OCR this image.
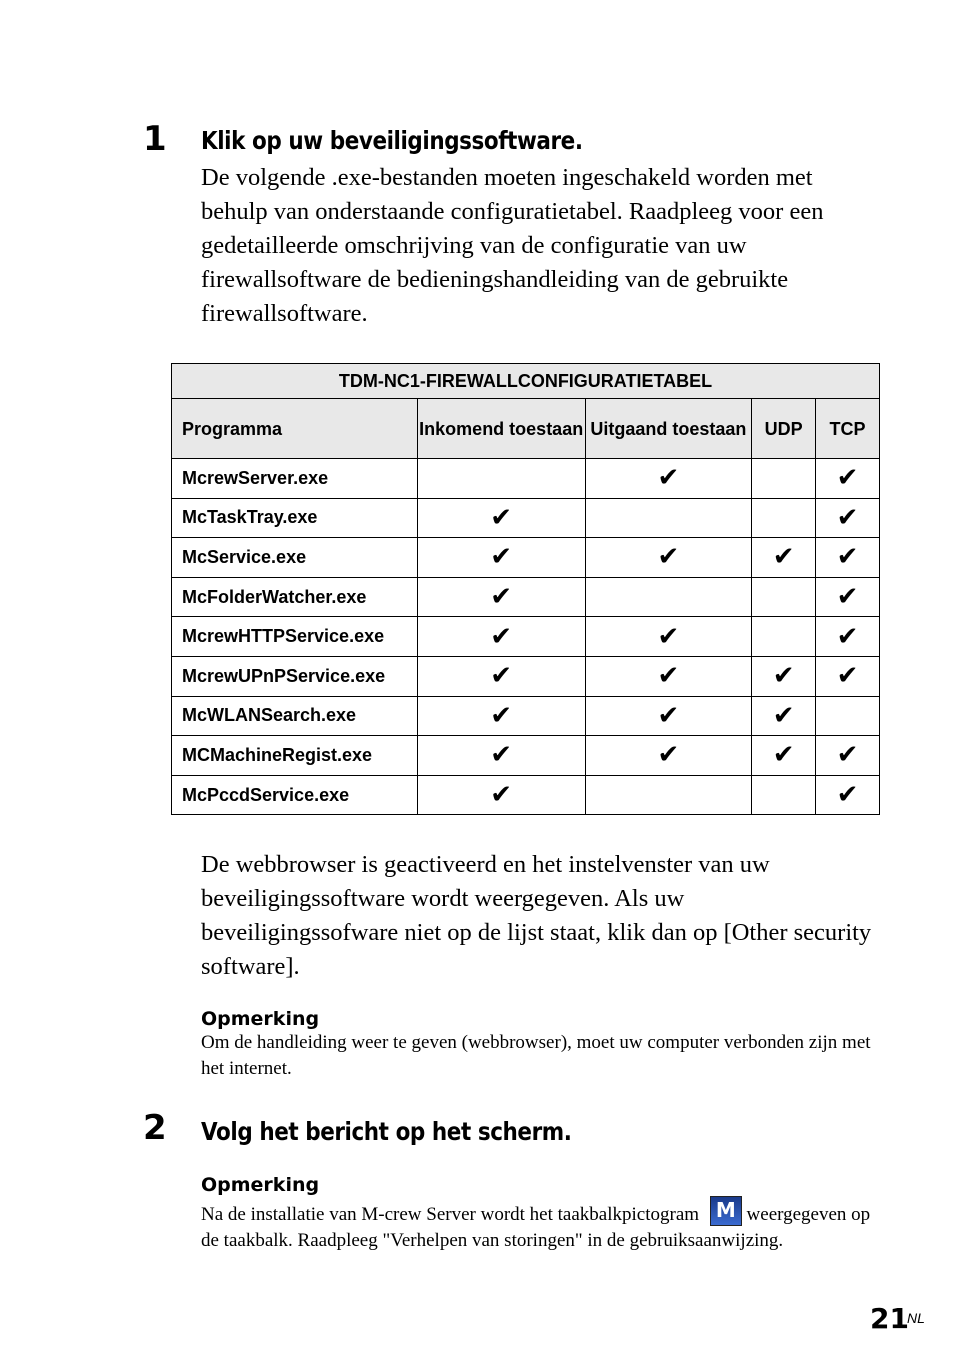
1 Klik op uw beveiligingssoftware.
De volgende .exe-bestanden moeten ingeschakeld worden met behulp van onderstaande configuratietabel. Raadpleeg voor een gedetailleerde omschrijving van de configuratie van uw firewallsoftware de bedieningshandleiding van de gebruikte firewallsoftware.
TDM-NC1-FIREWALLCONFIGURATIETABEL				
Programma	Inkomend toestaan	Uitgaand toestaan	UDP	TCP
McrewServer.exe		✔		✔
McTaskTray.exe	✔			✔
McService.exe	✔	✔	✔	✔
McFolderWatcher.exe	✔			✔
McrewHTTPService.exe	✔	✔		✔
McrewUPnPService.exe	✔	✔	✔	✔
McWLANSearch.exe	✔	✔	✔	
MCMachineRegist.exe	✔	✔	✔	✔
McPccdService.exe	✔			✔
De webbrowser is geactiveerd en het instelvenster van uw beveiligingssoftware wordt weergegeven. Als uw beveiligingssofware niet op de lijst staat, klik dan op [Other security software].
Opmerking
Om de handleiding weer te geven (webbrowser), moet uw computer verbonden zijn met het internet.
2 Volg het bericht op het scherm.
Opmerking
Na de installatie van M-crew Server wordt het taakbalkpictogram M weergegeven op de taakbalk. Raadpleeg "Verhelpen van storingen" in de gebruiksaanwijzing.
21
NL
